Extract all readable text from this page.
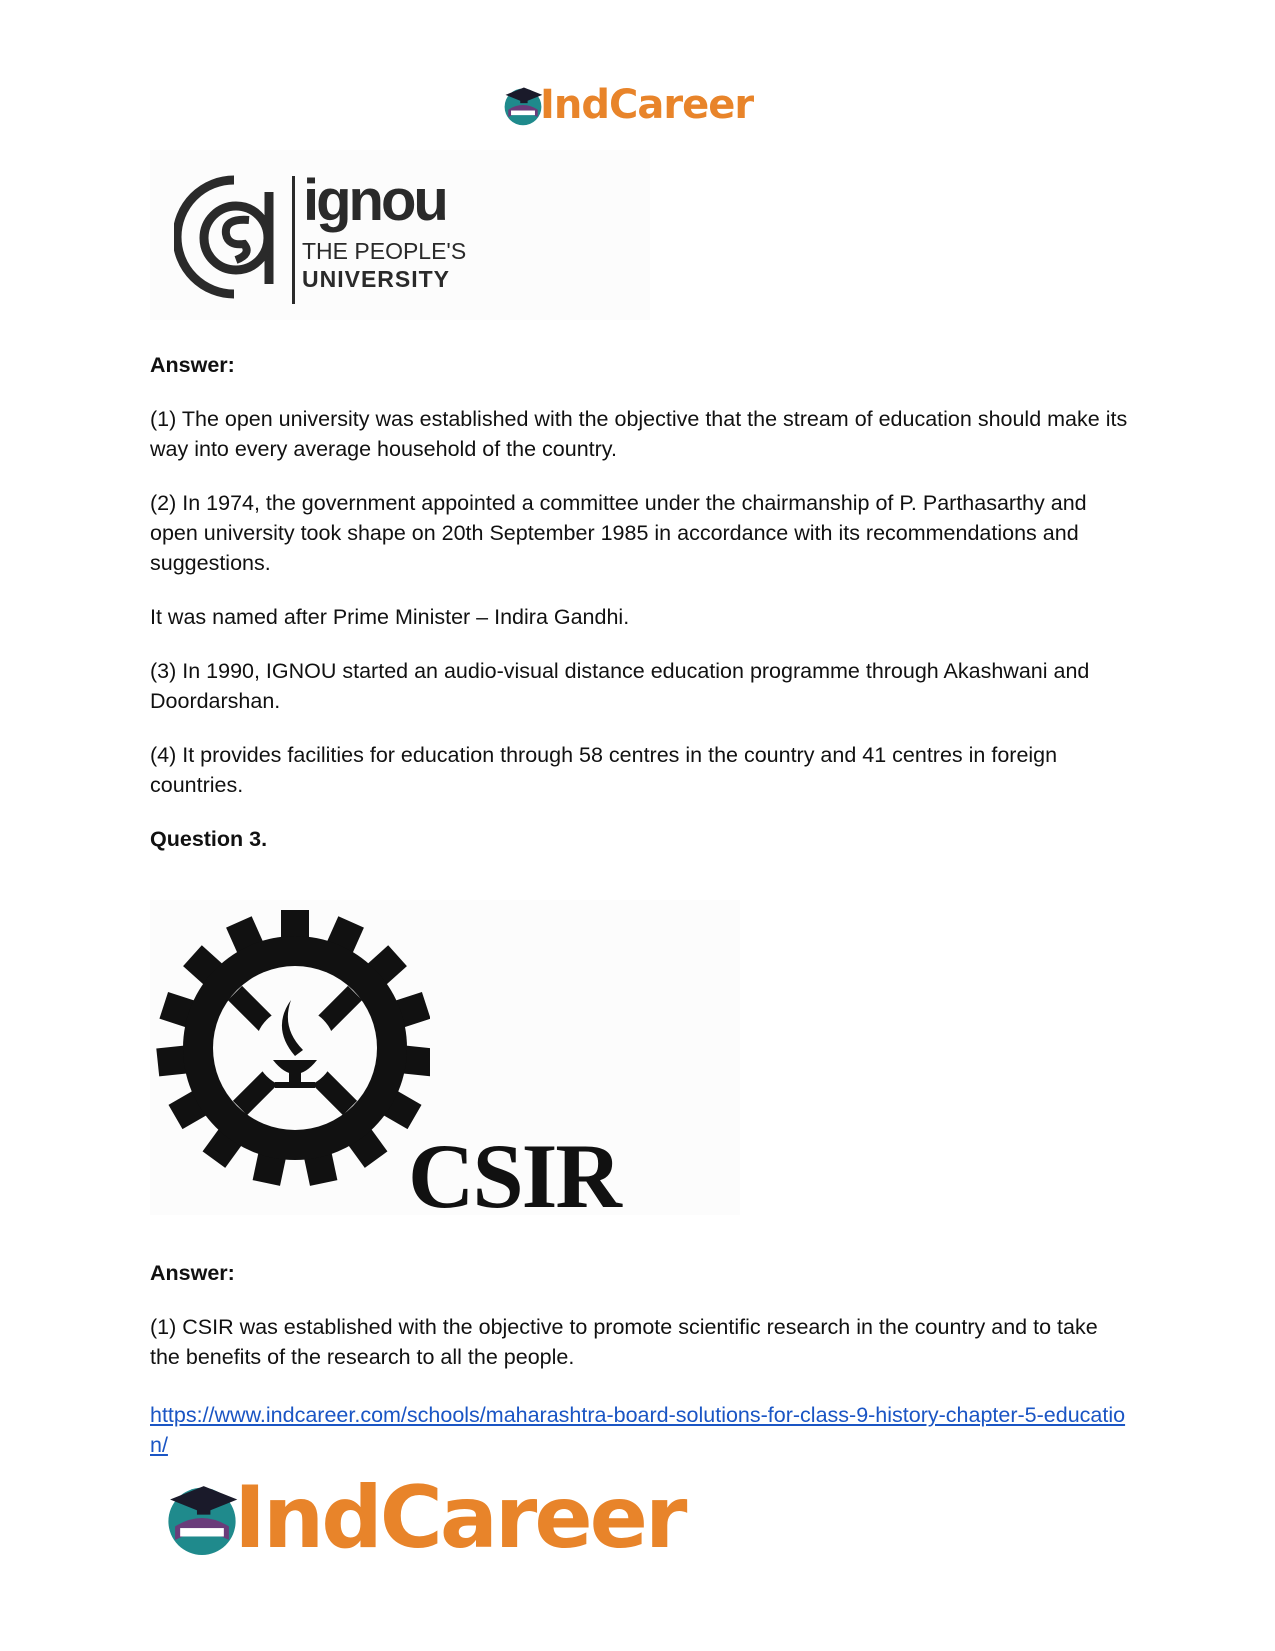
IndCareer
ignou
THE PEOPLE'S
UNIVERSITY
Answer:
(1) The open university was established with the objective that the stream of education should make its way into every average household of the country.
(2) In 1974, the government appointed a committee under the chairmanship of P. Parthasarthy and open university took shape on 20th September 1985 in accordance with its recommendations and suggestions.
It was named after Prime Minister – Indira Gandhi.
(3) In 1990, IGNOU started an audio-visual distance education programme through Akashwani and Doordarshan.
(4) It provides facilities for education through 58 centres in the country and 41 centres in foreign countries.
Question 3.
CSIR
Answer:
(1) CSIR was established with the objective to promote scientific research in the country and to take the benefits of the research to all the people.
https://www.indcareer.com/schools/maharashtra-board-solutions-for-class-9-history-chapter-5-education/
IndCareer
